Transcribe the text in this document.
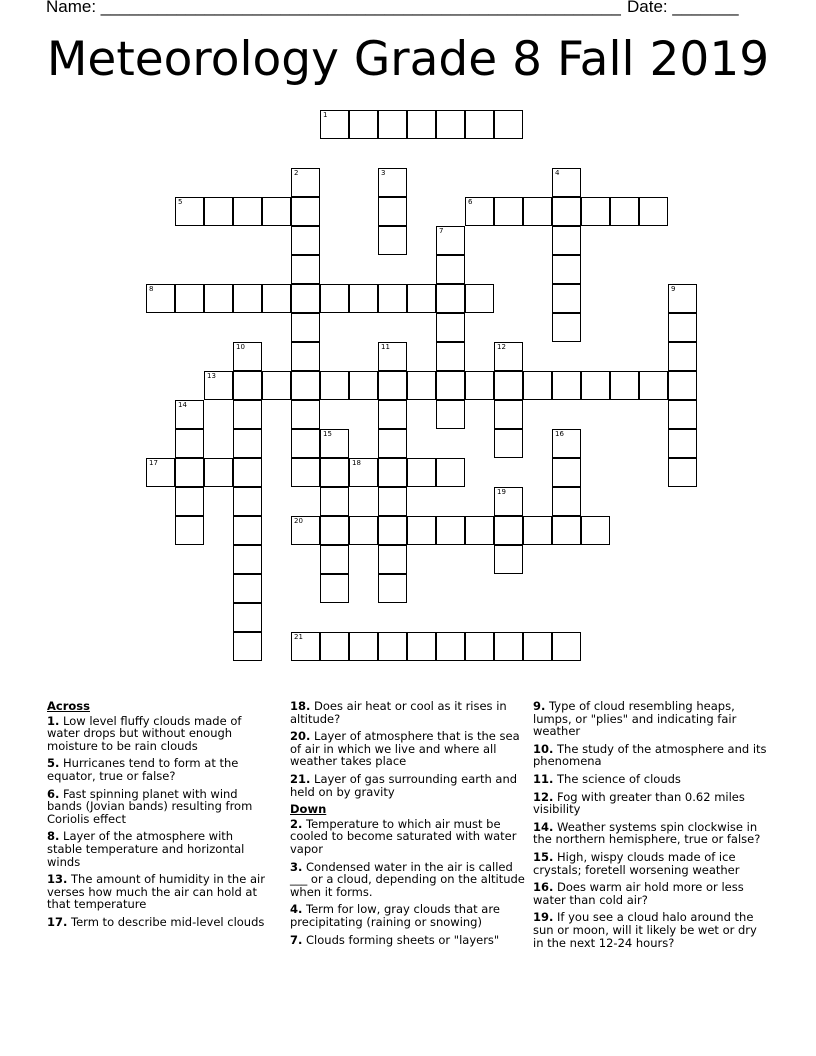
Name: _______________________________________________________ Date: _______
Meteorology Grade 8 Fall 2019
1
2	3	4
5	6
7
8	9
10	11	12
13
14
15	16
17	18
19
20
21
Across
1. Low level fluffy clouds made of water drops but without enough moisture to be rain clouds
5. Hurricanes tend to form at the equator, true or false?
6. Fast spinning planet with wind bands (Jovian bands) resulting from Coriolis effect
8. Layer of the atmosphere with stable temperature and horizontal winds
13. The amount of humidity in the air verses how much the air can hold at that temperature
17. Term to describe mid-level clouds
18. Does air heat or cool as it rises in altitude?
20. Layer of atmosphere that is the sea of air in which we live and where all weather takes place
21. Layer of gas surrounding earth and held on by gravity
Down
2. Temperature to which air must be cooled to become saturated with water vapor
3. Condensed water in the air is called ___ or a cloud, depending on the altitude when it forms.
4. Term for low, gray clouds that are precipitating (raining or snowing)
7. Clouds forming sheets or "layers"
9. Type of cloud resembling heaps, lumps, or "plies" and indicating fair weather
10. The study of the atmosphere and its phenomena
11. The science of clouds
12. Fog with greater than 0.62 miles visibility
14. Weather systems spin clockwise in the northern hemisphere, true or false?
15. High, wispy clouds made of ice crystals; foretell worsening weather
16. Does warm air hold more or less water than cold air?
19. If you see a cloud halo around the sun or moon, will it likely be wet or dry in the next 12-24 hours?
